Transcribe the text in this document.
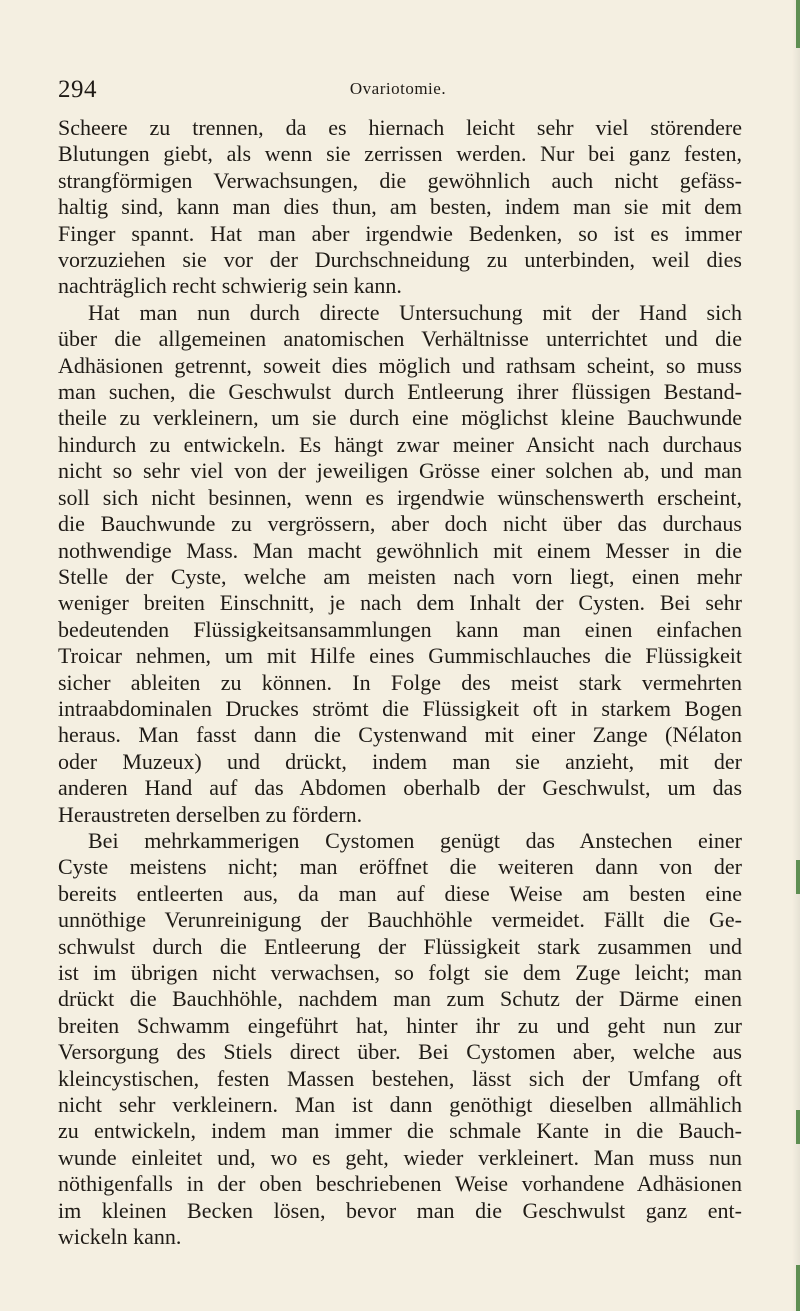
294	Ovariotomie.

Scheere zu trennen, da es hiernach leicht sehr viel störendere
Blutungen giebt, als wenn sie zerrissen werden. Nur bei ganz festen,
strangförmigen Verwachsungen, die gewöhnlich auch nicht gefäss-
haltig sind, kann man dies thun, am besten, indem man sie mit dem
Finger spannt. Hat man aber irgendwie Bedenken, so ist es immer
vorzuziehen sie vor der Durchschneidung zu unterbinden, weil dies
nachträglich recht schwierig sein kann.

Hat man nun durch directe Untersuchung mit der Hand sich
über die allgemeinen anatomischen Verhältnisse unterrichtet und die
Adhäsionen getrennt, soweit dies möglich und rathsam scheint, so muss
man suchen, die Geschwulst durch Entleerung ihrer flüssigen Bestand-
theile zu verkleinern, um sie durch eine möglichst kleine Bauchwunde
hindurch zu entwickeln. Es hängt zwar meiner Ansicht nach durchaus
nicht so sehr viel von der jeweiligen Grösse einer solchen ab, und man
soll sich nicht besinnen, wenn es irgendwie wünschenswerth erscheint,
die Bauchwunde zu vergrössern, aber doch nicht über das durchaus
nothwendige Mass. Man macht gewöhnlich mit einem Messer in die
Stelle der Cyste, welche am meisten nach vorn liegt, einen mehr
weniger breiten Einschnitt, je nach dem Inhalt der Cysten. Bei sehr
bedeutenden Flüssigkeitsansammlungen kann man einen einfachen
Troicar nehmen, um mit Hilfe eines Gummischlauches die Flüssigkeit
sicher ableiten zu können. In Folge des meist stark vermehrten
intraabdominalen Druckes strömt die Flüssigkeit oft in starkem Bogen
heraus. Man fasst dann die Cystenwand mit einer Zange (Nélaton
oder Muzeux) und drückt, indem man sie anzieht, mit der
anderen Hand auf das Abdomen oberhalb der Geschwulst, um das
Heraustreten derselben zu fördern.

Bei mehrkammerigen Cystomen genügt das Anstechen einer
Cyste meistens nicht; man eröffnet die weiteren dann von der
bereits entleerten aus, da man auf diese Weise am besten eine
unnöthige Verunreinigung der Bauchhöhle vermeidet. Fällt die Ge-
schwulst durch die Entleerung der Flüssigkeit stark zusammen und
ist im übrigen nicht verwachsen, so folgt sie dem Zuge leicht; man
drückt die Bauchhöhle, nachdem man zum Schutz der Därme einen
breiten Schwamm eingeführt hat, hinter ihr zu und geht nun zur
Versorgung des Stiels direct über. Bei Cystomen aber, welche aus
kleincystischen, festen Massen bestehen, lässt sich der Umfang oft
nicht sehr verkleinern. Man ist dann genöthigt dieselben allmählich
zu entwickeln, indem man immer die schmale Kante in die Bauch-
wunde einleitet und, wo es geht, wieder verkleinert. Man muss nun
nöthigenfalls in der oben beschriebenen Weise vorhandene Adhäsionen
im kleinen Becken lösen, bevor man die Geschwulst ganz ent-
wickeln kann.
